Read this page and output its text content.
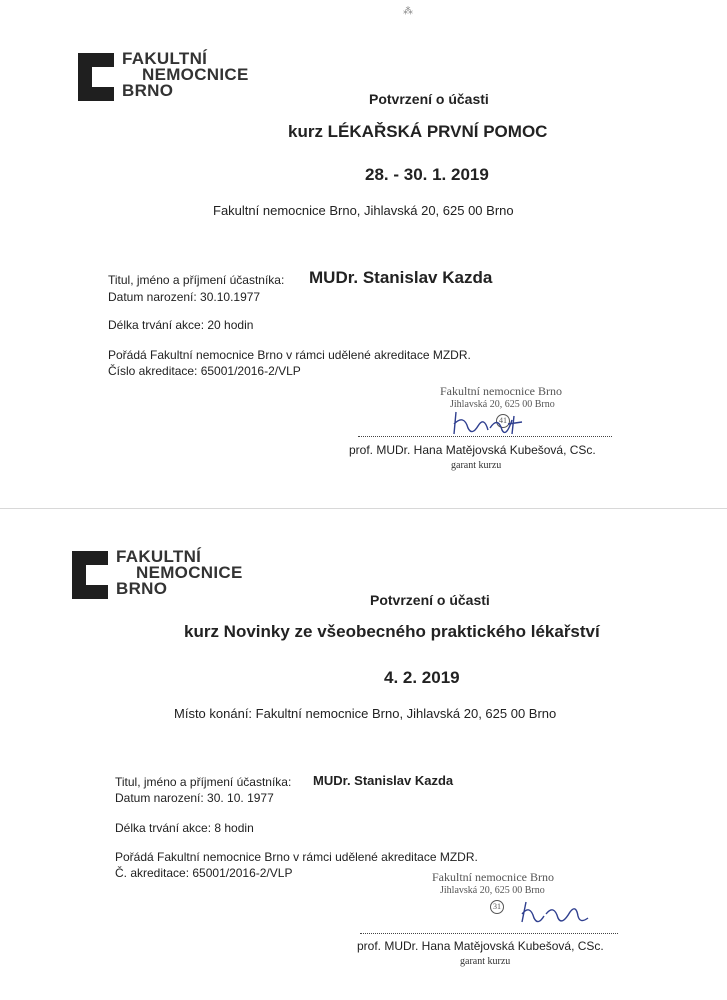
⁂
FAKULTNÍ
NEMOCNICE
BRNO	Potvrzení o účasti
kurz LÉKAŘSKÁ PRVNÍ POMOC
28. - 30. 1. 2019
Fakultní nemocnice Brno, Jihlavská 20, 625 00 Brno
Titul, jméno a příjmení účastníka: MUDr. Stanislav Kazda
Datum narození: 30.10.1977
Délka trvání akce: 20 hodin
Pořádá Fakultní nemocnice Brno v rámci udělené akreditace MZDR.
Číslo akreditace: 65001/2016-2/VLP
Fakultní nemocnice Brno
Jihlavská 20, 625 00 Brno
41
prof. MUDr. Hana Matějovská Kubešová, CSc.
garant kurzu
FAKULTNÍ
NEMOCNICE
BRNO
Potvrzení o účasti
kurz Novinky ze všeobecného praktického lékařství
4. 2. 2019
Místo konání: Fakultní nemocnice Brno, Jihlavská 20, 625 00 Brno
Titul, jméno a příjmení účastníka: MUDr. Stanislav Kazda
Datum narození: 30. 10. 1977
Délka trvání akce: 8 hodin
Pořádá Fakultní nemocnice Brno v rámci udělené akreditace MZDR.
Č. akreditace: 65001/2016-2/VLP	Fakultní nemocnice Brno
Jihlavská 20, 625 00 Brno
31
prof. MUDr. Hana Matějovská Kubešová, CSc.
garant kurzu
